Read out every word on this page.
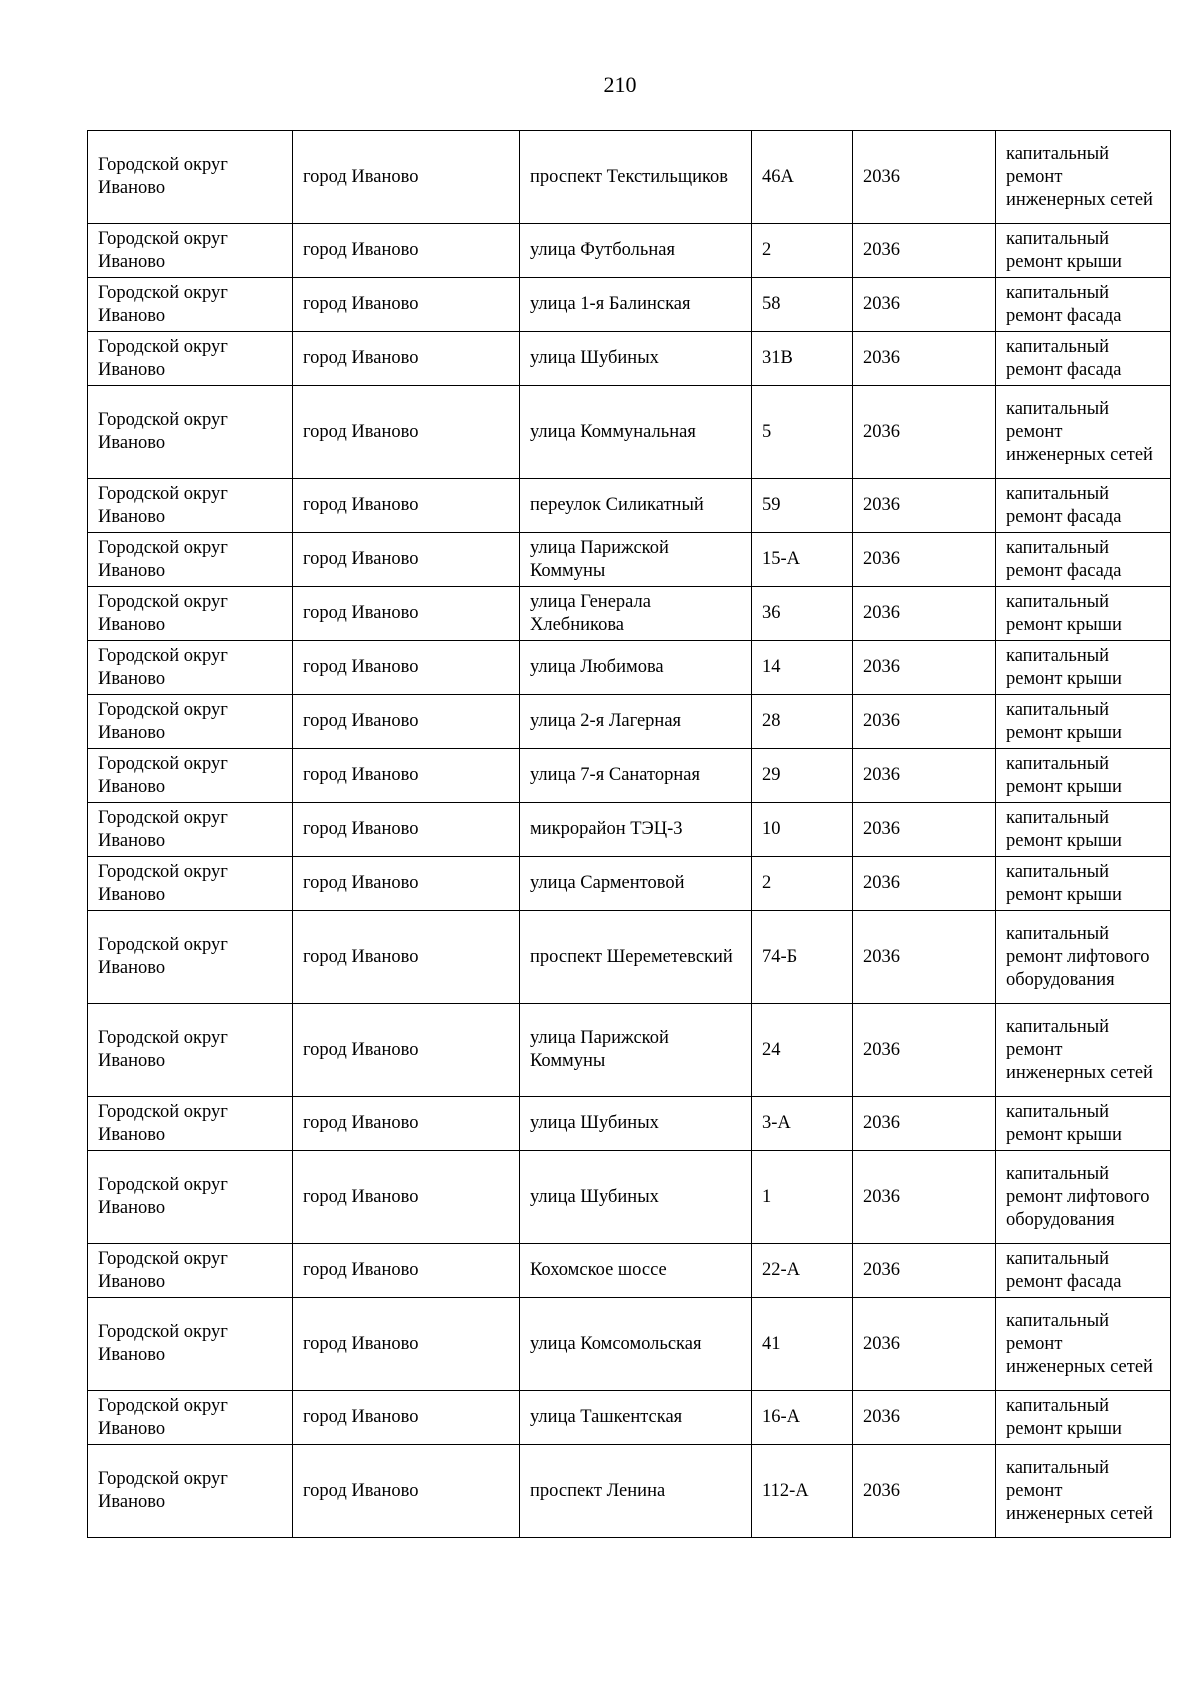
210
Городской округ Иваново	город Иваново	проспект Текстильщиков	46А	2036	капитальный ремонт инженерных сетей
Городской округ Иваново	город Иваново	улица Футбольная	2	2036	капитальный ремонт крыши
Городской округ Иваново	город Иваново	улица 1-я Балинская	58	2036	капитальный ремонт фасада
Городской округ Иваново	город Иваново	улица Шубиных	31В	2036	капитальный ремонт фасада
Городской округ Иваново	город Иваново	улица Коммунальная	5	2036	капитальный ремонт инженерных сетей
Городской округ Иваново	город Иваново	переулок Силикатный	59	2036	капитальный ремонт фасада
Городской округ Иваново	город Иваново	улица Парижской Коммуны	15-А	2036	капитальный ремонт фасада
Городской округ Иваново	город Иваново	улица Генерала Хлебникова	36	2036	капитальный ремонт крыши
Городской округ Иваново	город Иваново	улица Любимова	14	2036	капитальный ремонт крыши
Городской округ Иваново	город Иваново	улица 2-я Лагерная	28	2036	капитальный ремонт крыши
Городской округ Иваново	город Иваново	улица 7-я Санаторная	29	2036	капитальный ремонт крыши
Городской округ Иваново	город Иваново	микрорайон ТЭЦ-3	10	2036	капитальный ремонт крыши
Городской округ Иваново	город Иваново	улица Сарментовой	2	2036	капитальный ремонт крыши
Городской округ Иваново	город Иваново	проспект Шереметевский	74-Б	2036	капитальный ремонт лифтового оборудования
Городской округ Иваново	город Иваново	улица Парижской Коммуны	24	2036	капитальный ремонт инженерных сетей
Городской округ Иваново	город Иваново	улица Шубиных	3-А	2036	капитальный ремонт крыши
Городской округ Иваново	город Иваново	улица Шубиных	1	2036	капитальный ремонт лифтового оборудования
Городской округ Иваново	город Иваново	Кохомское шоссе	22-А	2036	капитальный ремонт фасада
Городской округ Иваново	город Иваново	улица Комсомольская	41	2036	капитальный ремонт инженерных сетей
Городской округ Иваново	город Иваново	улица Ташкентская	16-А	2036	капитальный ремонт крыши
Городской округ Иваново	город Иваново	проспект Ленина	112-А	2036	капитальный ремонт инженерных сетей
